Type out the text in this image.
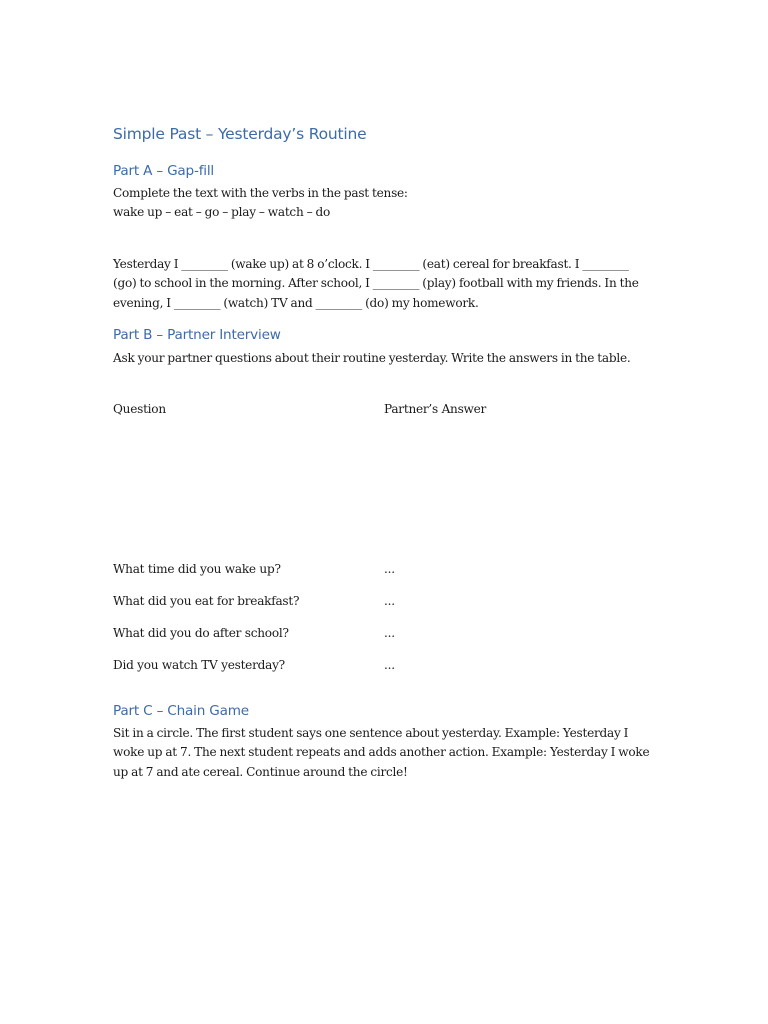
Simple Past – Yesterday’s Routine
Part A – Gap-fill
Complete the text with the verbs in the past tense:
wake up – eat – go – play – watch – do
Yesterday I ________ (wake up) at 8 o’clock. I ________ (eat) cereal for breakfast. I ________
(go) to school in the morning. After school, I ________ (play) football with my friends. In the
evening, I ________ (watch) TV and ________ (do) my homework.
Part B – Partner Interview
Ask your partner questions about their routine yesterday. Write the answers in the table.
Question	Partner’s Answer
What time did you wake up?	...
What did you eat for breakfast?	...
What did you do after school?	...
Did you watch TV yesterday?	...
Part C – Chain Game
Sit in a circle. The first student says one sentence about yesterday. Example: Yesterday I
woke up at 7. The next student repeats and adds another action. Example: Yesterday I woke
up at 7 and ate cereal. Continue around the circle!
